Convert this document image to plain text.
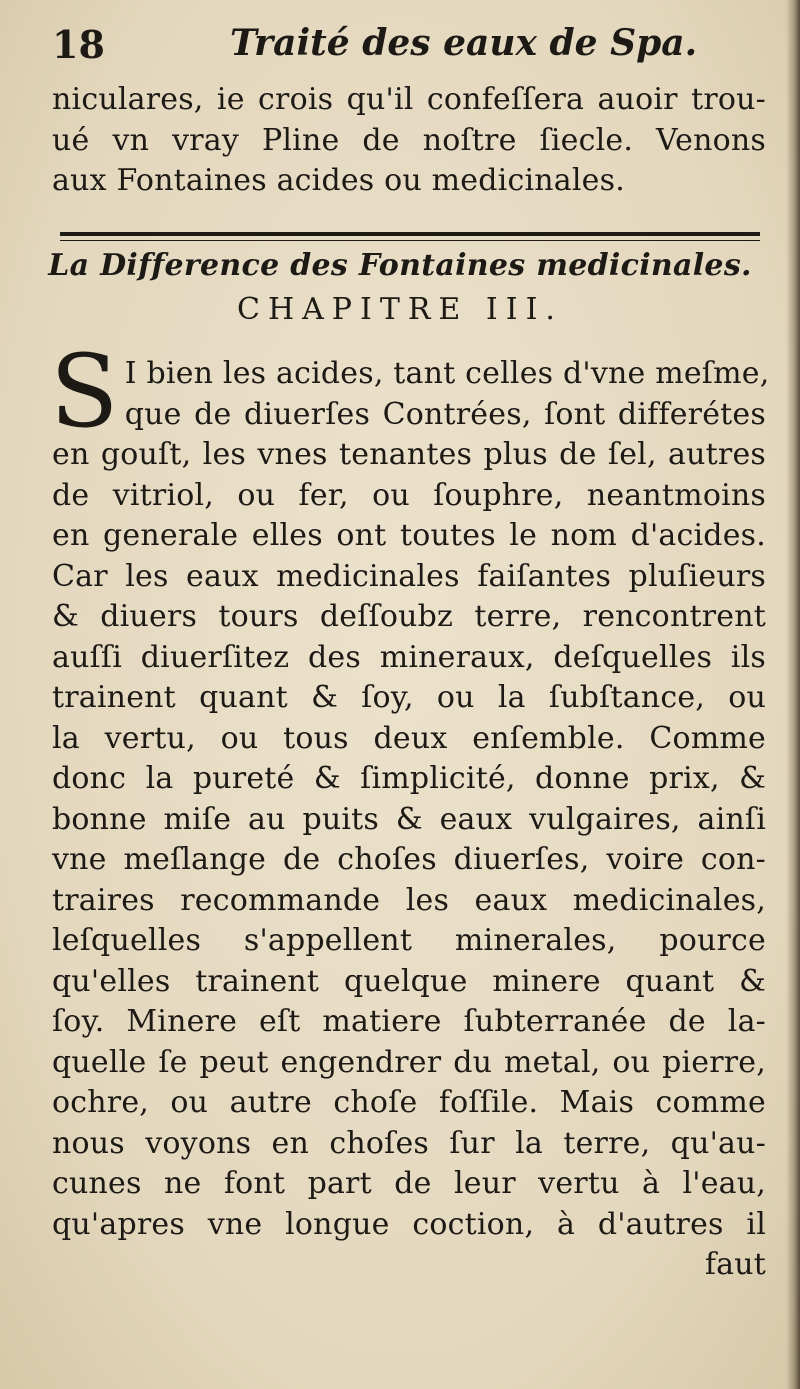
18	Traité des eaux de Spa.
niculares, ie crois qu'il confeſſera auoir trou-
ué vn vray Pline de noſtre ſiecle. Venons
aux Fontaines acides ou medicinales.
La Difference des Fontaines medicinales.
CHAPITRE III.
S I bien les acides, tant celles d'vne meſme,
que de diuerſes Contrées, ſont differétes
en gouſt, les vnes tenantes plus de ſel, autres
de vitriol, ou fer, ou ſouphre, neantmoins
en generale elles ont toutes le nom d'acides.
Car les eaux medicinales faiſantes pluſieurs
& diuers tours deſſoubz terre, rencontrent
auſſi diuerſitez des mineraux, deſquelles ils
trainent quant & ſoy, ou la ſubſtance, ou
la vertu, ou tous deux enſemble. Comme
donc la pureté & ſimplicité, donne prix, &
bonne miſe au puits & eaux vulgaires, ainſi
vne meſlange de choſes diuerſes, voire con-
traires recommande les eaux medicinales,
leſquelles s'appellent minerales, pource
qu'elles trainent quelque minere quant &
ſoy. Minere eſt matiere ſubterranée de la-
quelle ſe peut engendrer du metal, ou pierre,
ochre, ou autre choſe foſſile. Mais comme
nous voyons en choſes ſur la terre, qu'au-
cunes ne font part de leur vertu à l'eau,
qu'apres vne longue coction, à d'autres il
faut
